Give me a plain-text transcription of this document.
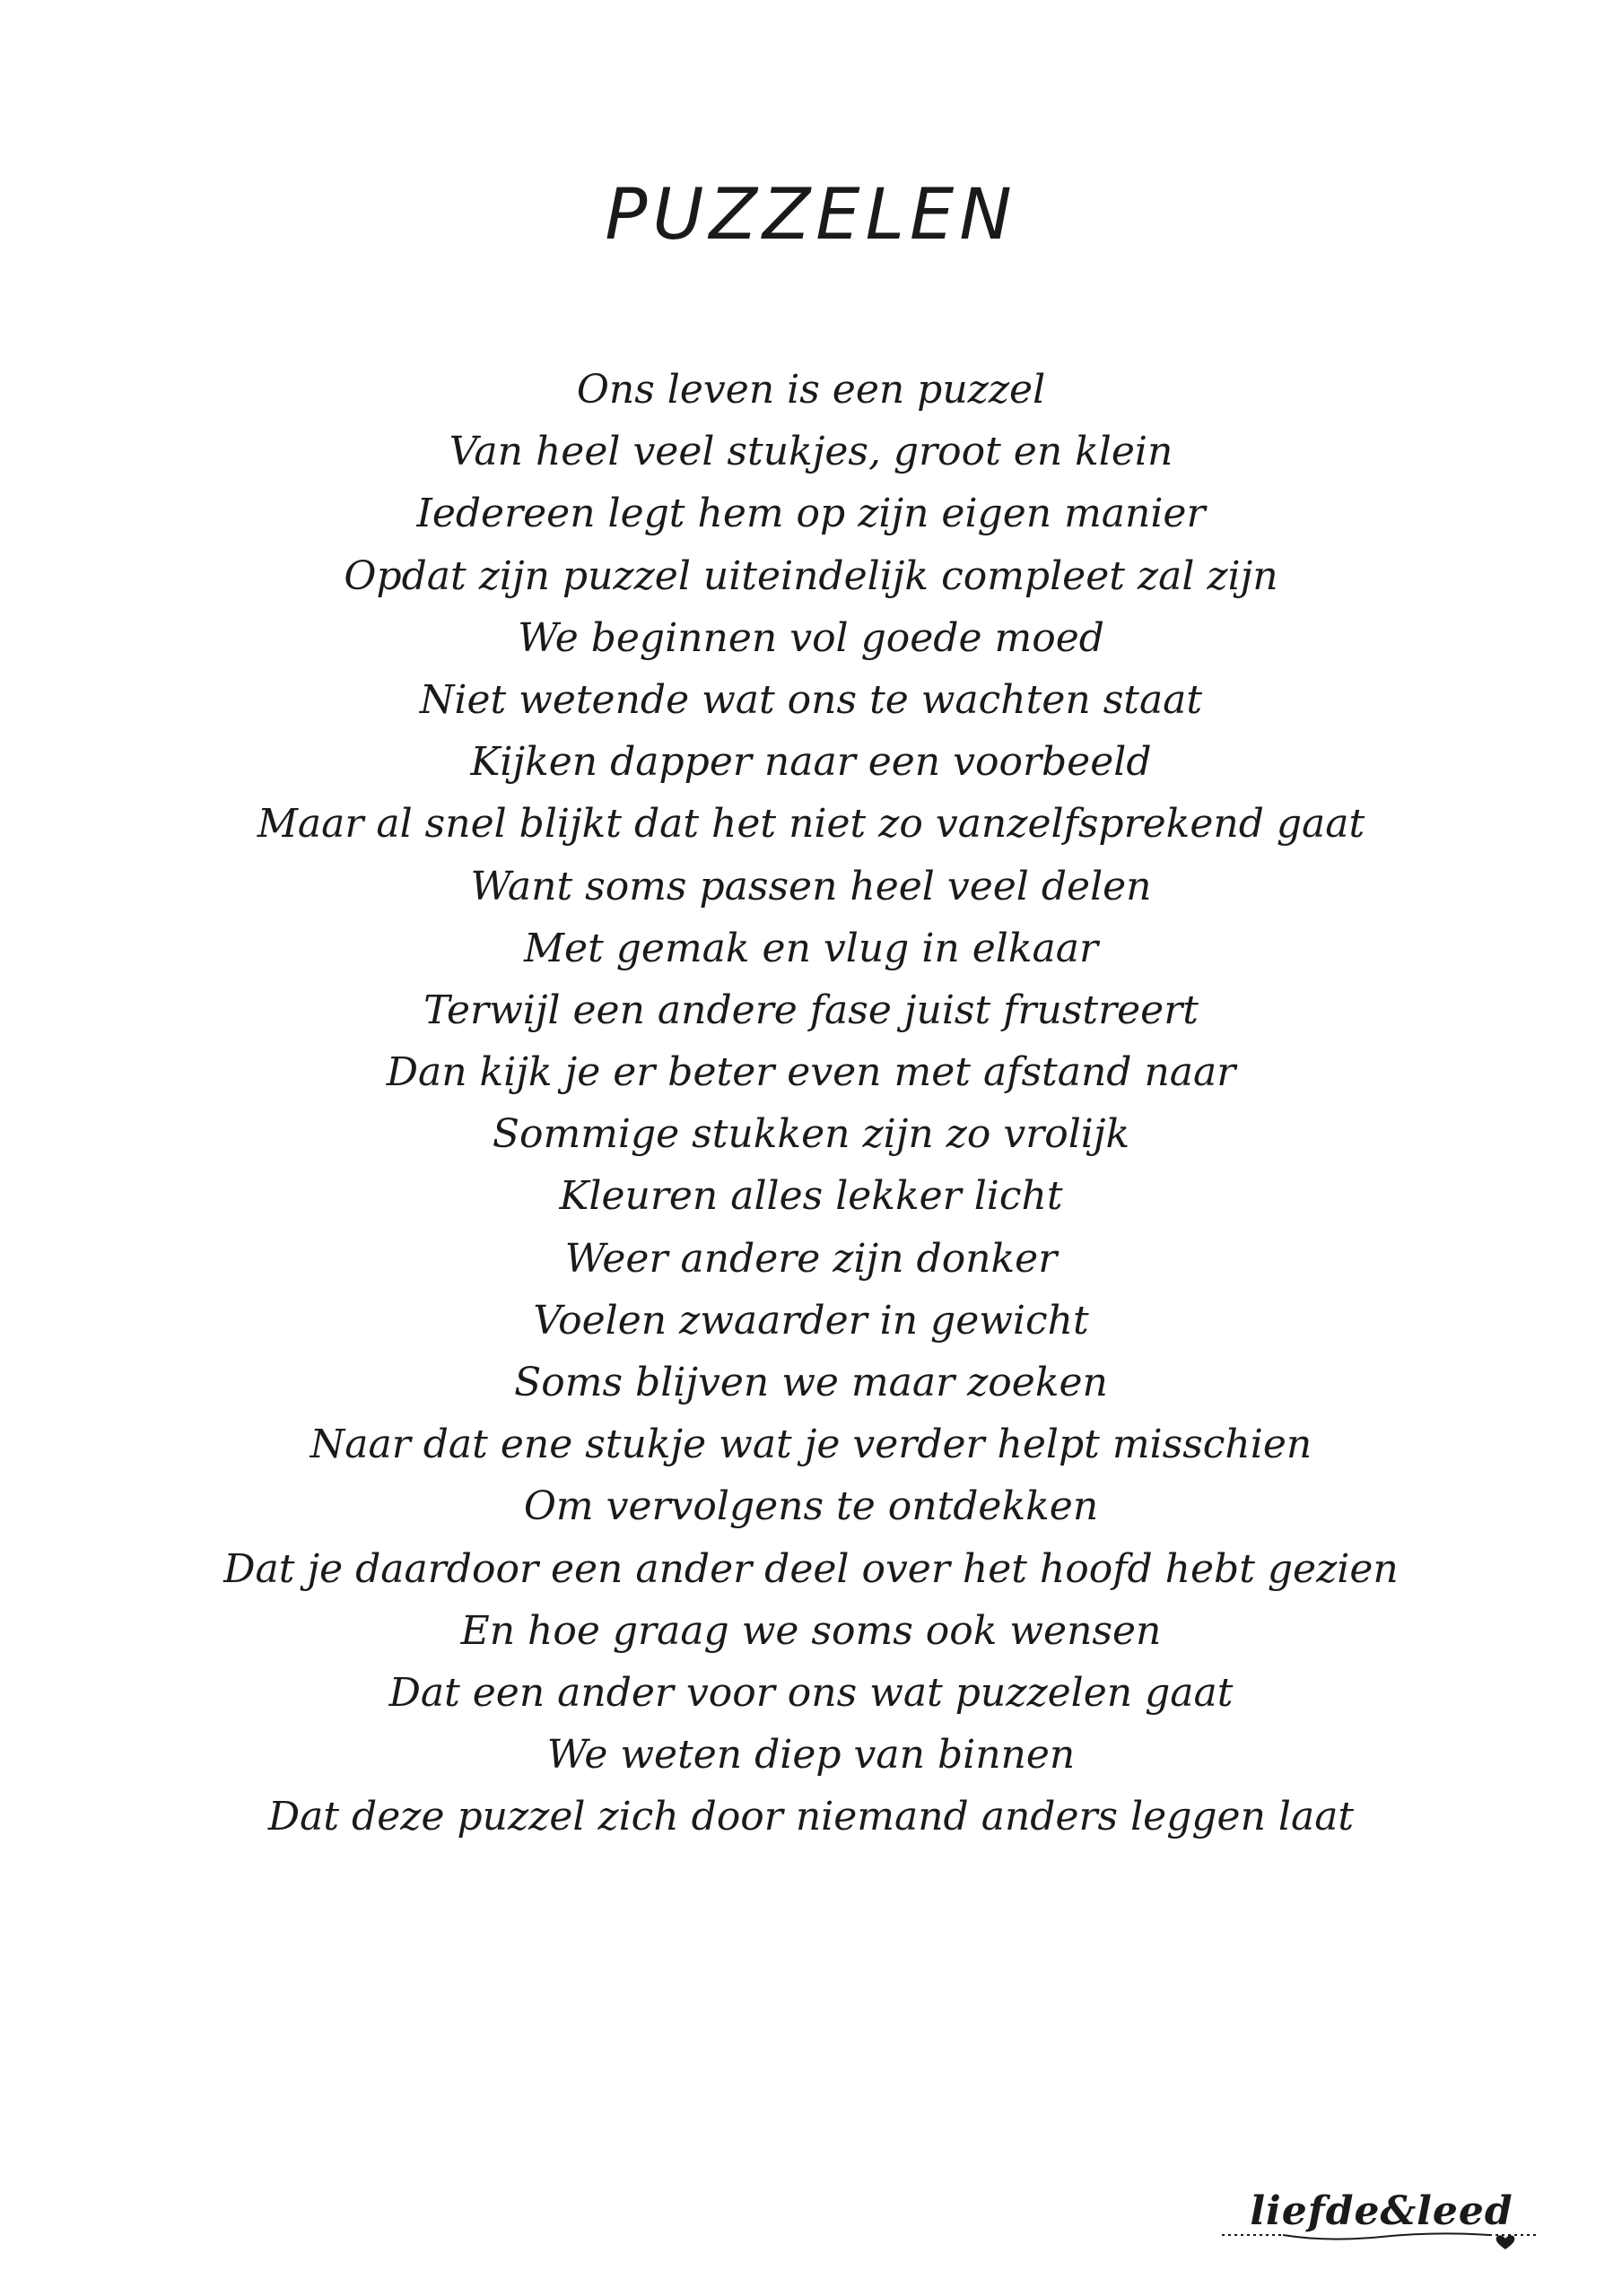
PUZZELEN
Ons leven is een puzzel
Van heel veel stukjes, groot en klein
Iedereen legt hem op zijn eigen manier
Opdat zijn puzzel uiteindelijk compleet zal zijn
We beginnen vol goede moed
Niet wetende wat ons te wachten staat
Kijken dapper naar een voorbeeld
Maar al snel blijkt dat het niet zo vanzelfsprekend gaat
Want soms passen heel veel delen
Met gemak en vlug in elkaar
Terwijl een andere fase juist frustreert
Dan kijk je er beter even met afstand naar
Sommige stukken zijn zo vrolijk
Kleuren alles lekker licht
Weer andere zijn donker
Voelen zwaarder in gewicht
Soms blijven we maar zoeken
Naar dat ene stukje wat je verder helpt misschien
Om vervolgens te ontdekken
Dat je daardoor een ander deel over het hoofd hebt gezien
En hoe graag we soms ook wensen
Dat een ander voor ons wat puzzelen gaat
We weten diep van binnen
Dat deze puzzel zich door niemand anders leggen laat
liefde&leed
